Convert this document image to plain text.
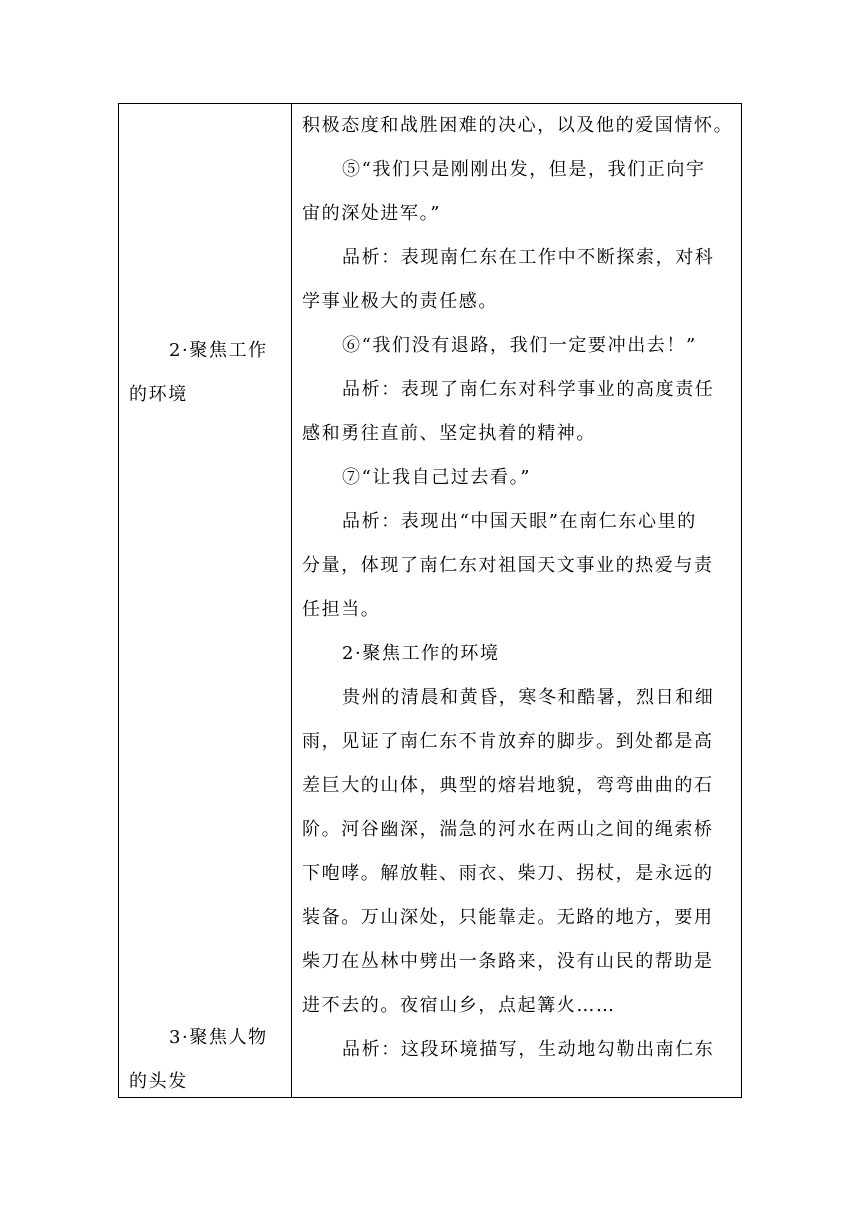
2·聚焦工作
的环境
3·聚焦人物
的头发
积极态度和战胜困难的决心，以及他的爱国情怀。
⑤“我们只是刚刚出发，但是，我们正向宇
宙的深处进军。”
品析：表现南仁东在工作中不断探索，对科
学事业极大的责任感。
⑥“我们没有退路，我们一定要冲出去！”
品析：表现了南仁东对科学事业的高度责任
感和勇往直前、坚定执着的精神。
⑦“让我自己过去看。”
品析：表现出“中国天眼”在南仁东心里的
分量，体现了南仁东对祖国天文事业的热爱与责
任担当。
2·聚焦工作的环境
贵州的清晨和黄昏，寒冬和酷暑，烈日和细
雨，见证了南仁东不肯放弃的脚步。到处都是高
差巨大的山体，典型的熔岩地貌，弯弯曲曲的石
阶。河谷幽深，湍急的河水在两山之间的绳索桥
下咆哮。解放鞋、雨衣、柴刀、拐杖，是永远的
装备。万山深处，只能靠走。无路的地方，要用
柴刀在丛林中劈出一条路来，没有山民的帮助是
进不去的。夜宿山乡，点起篝火……
品析：这段环境描写，生动地勾勒出南仁东
